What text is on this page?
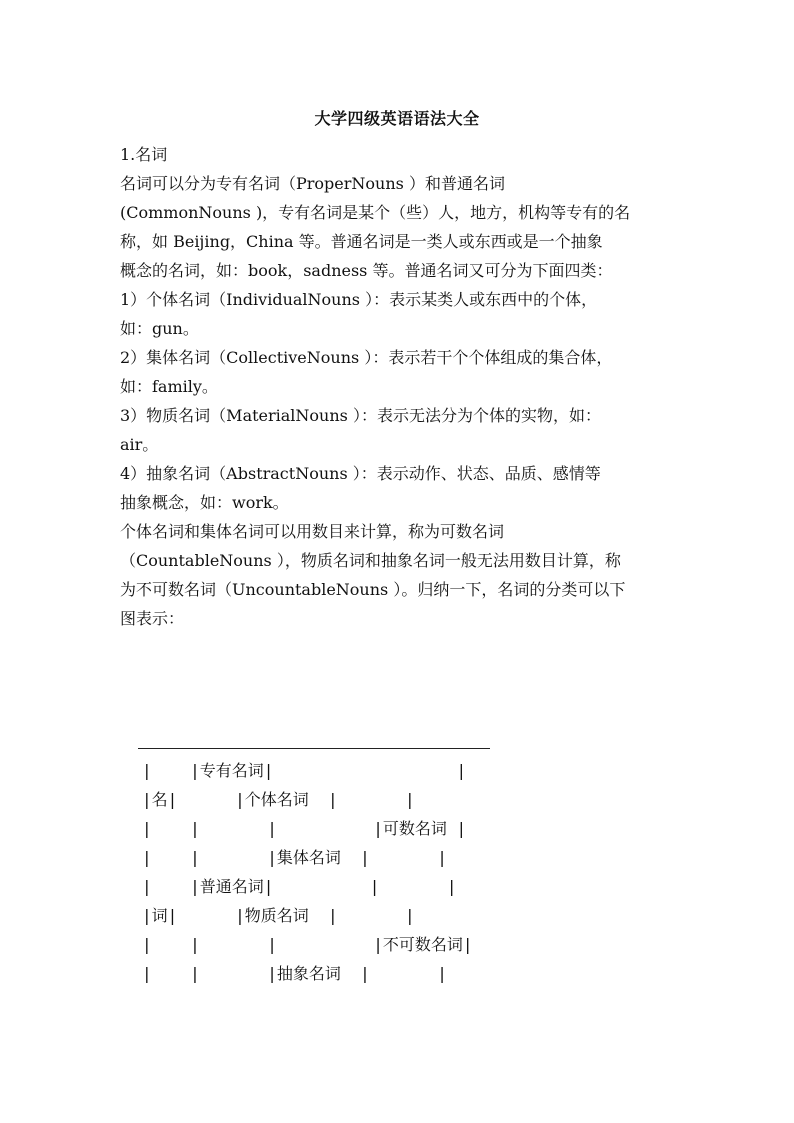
大学四级英语语法大全
1.名词
名词可以分为专有名词（ProperNouns ）和普通名词
(CommonNouns )，专有名词是某个（些）人，地方，机构等专有的名
称，如 Beijing，China 等。普通名词是一类人或东西或是一个抽象
概念的名词，如：book，sadness 等。普通名词又可分为下面四类：
1）个体名词（IndividualNouns ）：表示某类人或东西中的个体，
如：gun。
2）集体名词（CollectiveNouns ）：表示若干个个体组成的集合体，
如：family。
3）物质名词（MaterialNouns ）：表示无法分为个体的实物，如：
air。
4）抽象名词（AbstractNouns ）：表示动作、状态、品质、感情等
抽象概念，如：work。
个体名词和集体名词可以用数目来计算，称为可数名词
（CountableNouns ），物质名词和抽象名词一般无法用数目计算，称
为不可数名词（UncountableNouns ）。归纳一下，名词的分类可以下
图表示：
|    |专有名词|                   |
|名|      |个体名词  |       |
|    |       |          |可数名词 |
|    |       |集体名词  |       |
|    |普通名词|          |       |
|词|      |物质名词  |       |
|    |       |          |不可数名词|
|    |       |抽象名词  |       |
